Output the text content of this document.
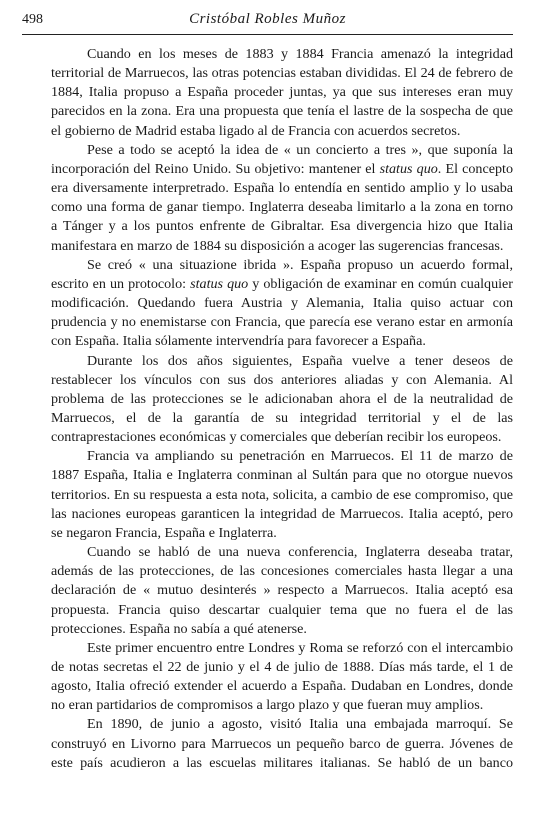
498	Cristóbal Robles Muñoz

Cuando en los meses de 1883 y 1884 Francia amenazó la integridad territorial de Marruecos, las otras potencias estaban divididas. El 24 de febrero de 1884, Italia propuso a España proceder juntas, ya que sus intereses eran muy parecidos en la zona. Era una propuesta que tenía el lastre de la sospecha de que el gobierno de Madrid estaba ligado al de Francia con acuerdos secretos.

Pese a todo se aceptó la idea de « un concierto a tres », que suponía la incorporación del Reino Unido. Su objetivo: mantener el status quo. El concepto era diversamente interpretrado. España lo entendía en sentido amplio y lo usaba como una forma de ganar tiempo. Inglaterra deseaba limitarlo a la zona en torno a Tánger y a los puntos enfrente de Gibraltar. Esa divergencia hizo que Italia manifestara en marzo de 1884 su disposición a acoger las sugerencias francesas.

Se creó « una situazione ibrida ». España propuso un acuerdo formal, escrito en un protocolo: status quo y obligación de examinar en común cualquier modificación. Quedando fuera Austria y Alemania, Italia quiso actuar con prudencia y no enemistarse con Francia, que parecía ese verano estar en armonía con España. Italia sólamente intervendría para favorecer a España.

Durante los dos años siguientes, España vuelve a tener deseos de restablecer los vínculos con sus dos anteriores aliadas y con Alemania. Al problema de las protecciones se le adicionaban ahora el de la neutralidad de Marruecos, el de la garantía de su integridad territorial y el de las contraprestaciones económicas y comerciales que deberían recibir los europeos.

Francia va ampliando su penetración en Marruecos. El 11 de marzo de 1887 España, Italia e Inglaterra conminan al Sultán para que no otorgue nuevos territorios. En su respuesta a esta nota, solicita, a cambio de ese compromiso, que las naciones europeas garanticen la integridad de Marruecos. Italia aceptó, pero se negaron Francia, España e Inglaterra.

Cuando se habló de una nueva conferencia, Inglaterra deseaba tratar, además de las protecciones, de las concesiones comerciales hasta llegar a una declaración de « mutuo desinterés » respecto a Marruecos. Italia aceptó esa propuesta. Francia quiso descartar cualquier tema que no fuera el de las protecciones. España no sabía a qué atenerse.

Este primer encuentro entre Londres y Roma se reforzó con el intercambio de notas secretas el 22 de junio y el 4 de julio de 1888. Días más tarde, el 1 de agosto, Italia ofreció extender el acuerdo a España. Dudaban en Londres, donde no eran partidarios de compromisos a largo plazo y que fueran muy amplios.

En 1890, de junio a agosto, visitó Italia una embajada marroquí. Se construyó en Livorno para Marruecos un pequeño barco de guerra. Jóvenes de este país acudieron a las escuelas militares italianas. Se habló de un banco
